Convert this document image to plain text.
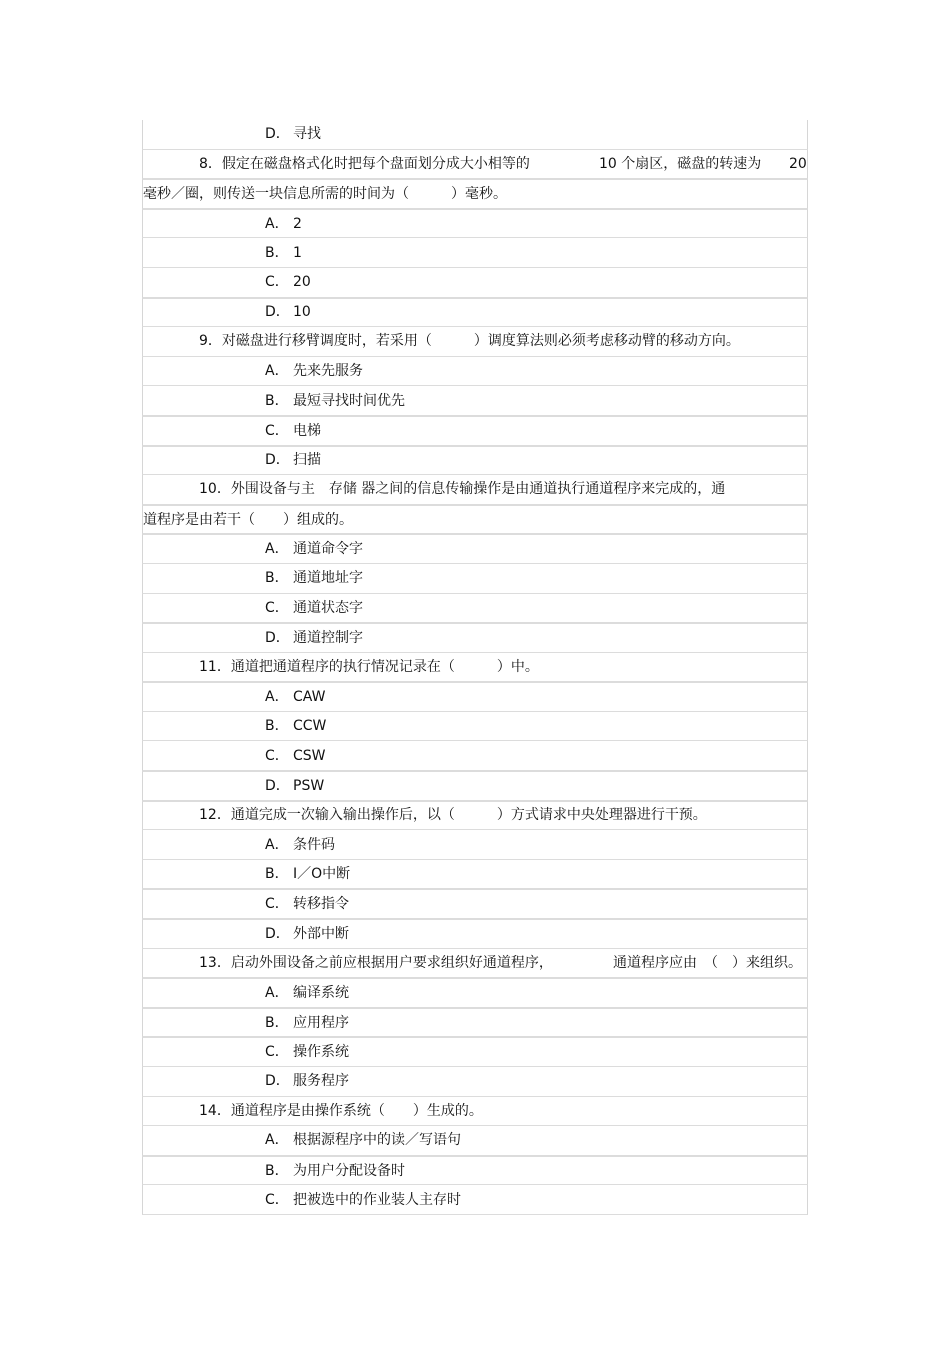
D． 寻找
8．假定在磁盘格式化时把每个盘面划分成大小相等的	10 个扇区，磁盘的转速为 20
毫秒／圈，则传送一块信息所需的时间为（　　　）毫秒。
A． 2
B． 1
C． 20
D． 10
9．对磁盘进行移臂调度时，若采用（　　　）调度算法则必须考虑移动臂的移动方向。
A． 先来先服务
B． 最短寻找时间优先
C． 电梯
D． 扫描
10．外围设备与主　存储 器之间的信息传输操作是由通道执行通道程序来完成的，通
道程序是由若干（　　）组成的。
A． 通道命令字
B． 通道地址字
C． 通道状态字
D． 通道控制字
11．通道把通道程序的执行情况记录在（　　　）中。
A． CAW
B． CCW
C． CSW
D． PSW
12．通道完成一次输入输出操作后，以（　　　）方式请求中央处理器进行干预。
A． 条件码
B． I／O中断
C． 转移指令
D． 外部中断
13．启动外围设备之前应根据用户要求组织好通道程序，	通道程序应由　（　）来组织。
A． 编译系统
B． 应用程序
C． 操作系统
D． 服务程序
14．通道程序是由操作系统（　　）生成的。
A． 根据源程序中的读／写语句
B． 为用户分配设备时
C． 把被选中的作业装人主存时
